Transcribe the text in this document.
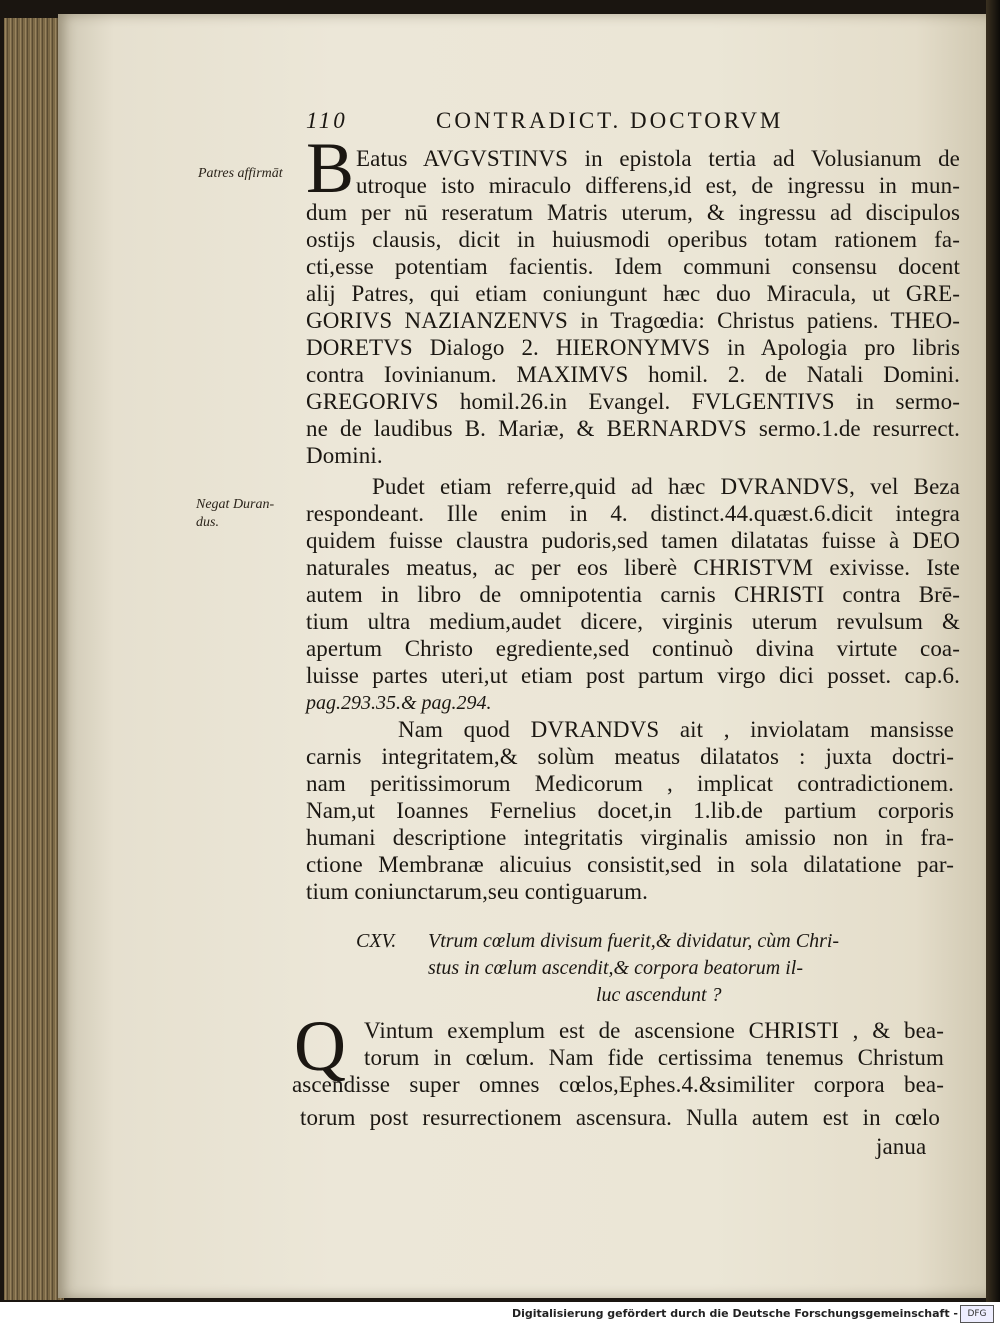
110	CONTRADICT. DOCTORVM
Patres affirmāt
Negat Duran-
dus.
B Eatus AVGVSTINVS in epistola tertia ad Volusianum de
utroque isto miraculo differens,id est, de ingressu in mun-
dum per nū reseratum Matris uterum, & ingressu ad discipulos
ostijs clausis, dicit in huiusmodi operibus totam rationem fa-
cti,esse potentiam facientis. Idem communi consensu docent
alij Patres, qui etiam coniungunt hæc duo Miracula, ut GRE-
GORIVS NAZIANZENVS in Tragœdia: Christus patiens. THEO-
DORETVS Dialogo 2. HIERONYMVS in Apologia pro libris
contra Iovinianum. MAXIMVS homil. 2. de Natali Domini.
GREGORIVS homil.26.in Evangel. FVLGENTIVS in sermo-
ne de laudibus B. Mariæ, & BERNARDVS sermo.1.de resurrect.
Domini.
Pudet etiam referre,quid ad hæc DVRANDVS, vel Beza
respondeant. Ille enim in 4. distinct.44.quæst.6.dicit integra
quidem fuisse claustra pudoris,sed tamen dilatatas fuisse à DEO
naturales meatus, ac per eos liberè CHRISTVM exivisse. Iste
autem in libro de omnipotentia carnis CHRISTI contra Brē-
tium ultra medium,audet dicere, virginis uterum revulsum &
apertum Christo egrediente,sed continuò divina virtute coa-
luisse partes uteri,ut etiam post partum virgo dici posset. cap.6.
pag.293.35.& pag.294.
Nam quod DVRANDVS ait , inviolatam mansisse
carnis integritatem,& solùm meatus dilatatos : juxta doctri-
nam peritissimorum Medicorum , implicat contradictionem.
Nam,ut Ioannes Fernelius docet,in 1.lib.de partium corporis
humani descriptione integritatis virginalis amissio non in fra-
ctione Membranæ alicuius consistit,sed in sola dilatatione par-
tium coniunctarum,seu contiguarum.
CXV. Vtrum cœlum divisum fuerit,& dividatur, cùm Chri-
stus in cœlum ascendit,& corpora beatorum il-
luc ascendunt ?
Q Vintum exemplum est de ascensione CHRISTI , & bea-
torum in cœlum. Nam fide certissima tenemus Christum
ascendisse super omnes cœlos,Ephes.4.&similiter corpora bea-
torum post resurrectionem ascensura. Nulla autem est in cœlo
janua
Digitalisierung gefördert durch die Deutsche Forschungsgemeinschaft -	DFG
